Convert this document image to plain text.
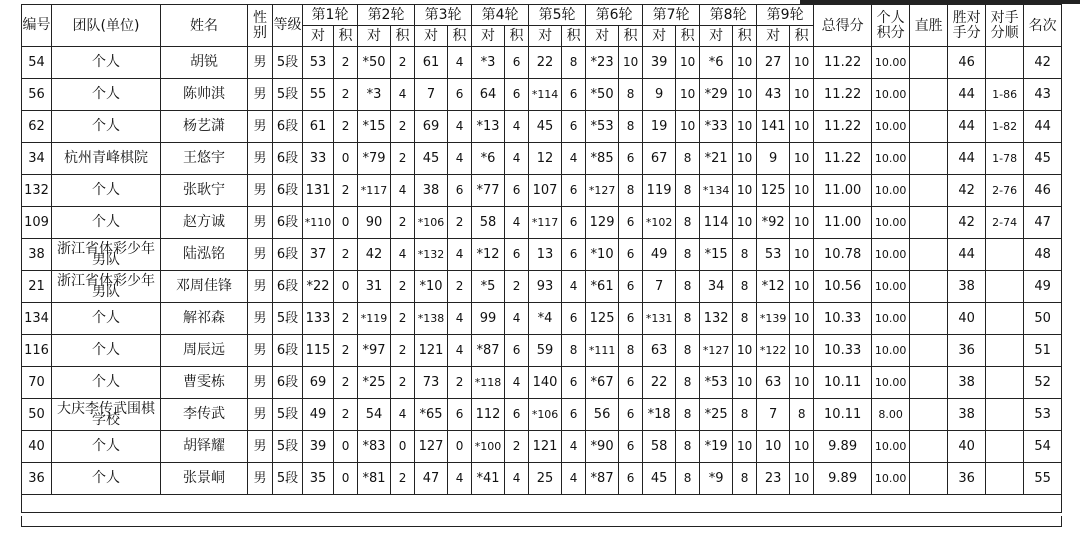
编号	团队(单位)	姓名	性别	等级	第1轮		第2轮		第3轮		第4轮		第5轮		第6轮		第7轮		第8轮		第9轮		总得分	个人积分	直胜	胜对手分	对手分顺	名次
					对	积	对	积	对	积	对	积	对	积	对	积	对	积	对	积	对	积						
54	个人	胡锐	男	5段	53	2	*50	2	61	4	*3	6	22	8	*23	10	39	10	*6	10	27	10	11.22	10.00		46		42
56	个人	陈帅淇	男	5段	55	2	*3	4	7	6	64	6	*114	6	*50	8	9	10	*29	10	43	10	11.22	10.00		44	1-86	43
62	个人	杨艺潇	男	6段	61	2	*15	2	69	4	*13	4	45	6	*53	8	19	10	*33	10	141	10	11.22	10.00		44	1-82	44
34	杭州青峰棋院	王悠宇	男	6段	33	0	*79	2	45	4	*6	4	12	4	*85	6	67	8	*21	10	9	10	11.22	10.00		44	1-78	45
132	个人	张耿宁	男	6段	131	2	*117	4	38	6	*77	6	107	6	*127	8	119	8	*134	10	125	10	11.00	10.00		42	2-76	46
109	个人	赵方诚	男	6段	*110	0	90	2	*106	2	58	4	*117	6	129	6	*102	8	114	10	*92	10	11.00	10.00		42	2-74	47
38	浙江省体彩少年男队	陆泓铭	男	6段	37	2	42	4	*132	4	*12	6	13	6	*10	6	49	8	*15	8	53	10	10.78	10.00		44		48
21	浙江省体彩少年男队	邓周佳锋	男	6段	*22	0	31	2	*10	2	*5	2	93	4	*61	6	7	8	34	8	*12	10	10.56	10.00		38		49
134	个人	解祁森	男	5段	133	2	*119	2	*138	4	99	4	*4	6	125	6	*131	8	132	8	*139	10	10.33	10.00		40		50
116	个人	周辰远	男	6段	115	2	*97	2	121	4	*87	6	59	8	*111	8	63	8	*127	10	*122	10	10.33	10.00		36		51
70	个人	曹雯栋	男	6段	69	2	*25	2	73	2	*118	4	140	6	*67	6	22	8	*53	10	63	10	10.11	10.00		38		52
50	大庆李传武围棋学校	李传武	男	5段	49	2	54	4	*65	6	112	6	*106	6	56	6	*18	8	*25	8	7	8	10.11	8.00		38		53
40	个人	胡铎耀	男	5段	39	0	*83	0	127	0	*100	2	121	4	*90	6	58	8	*19	10	10	10	9.89	10.00		40		54
36	个人	张景峒	男	5段	35	0	*81	2	47	4	*41	4	25	4	*87	6	45	8	*9	8	23	10	9.89	10.00		36		55
